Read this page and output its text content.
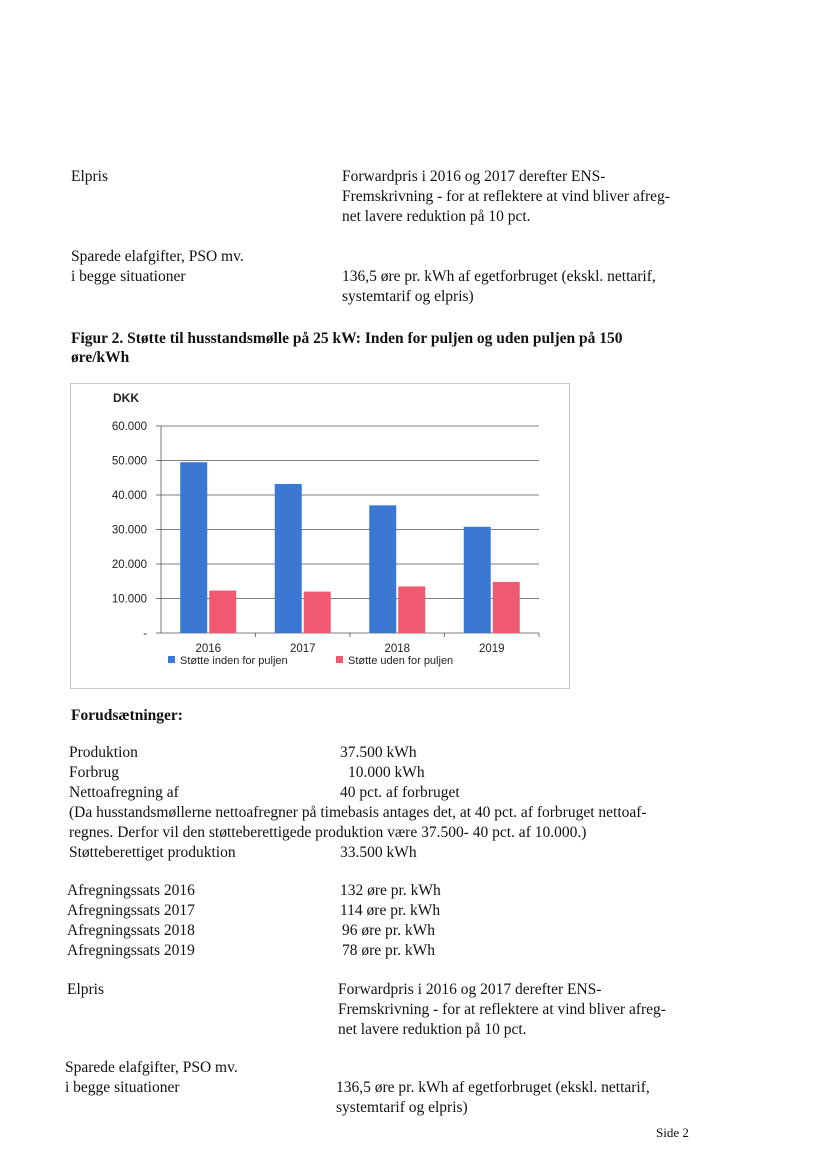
Elpris	Forwardpris i 2016 og 2017 derefter ENS-
Fremskrivning - for at reflektere at vind bliver afreg-
net lavere reduktion på 10 pct.
Sparede elafgifter, PSO mv.
i begge situationer	136,5 øre pr. kWh af egetforbruget (ekskl. nettarif,
systemtarif og elpris)
Figur 2. Støtte til husstandsmølle på 25 kW: Inden for puljen og uden puljen på 150
øre/kWh
DKK
-
10.000
20.000
30.000
40.000
50.000
60.000
2016	2017	2018	2019
Støtte inden for puljen	Støtte uden for puljen
Forudsætninger:
Produktion	37.500 kWh
Forbrug	10.000 kWh
Nettoafregning af	40 pct. af forbruget
(Da husstandsmøllerne nettoafregner på timebasis antages det, at 40 pct. af forbruget nettoaf-
regnes. Derfor vil den støtteberettigede produktion være 37.500- 40 pct. af 10.000.)
Støtteberettiget produktion	33.500 kWh
Afregningssats 2016	132 øre pr. kWh
Afregningssats 2017	114 øre pr. kWh
Afregningssats 2018	96 øre pr. kWh
Afregningssats 2019	78 øre pr. kWh
Elpris	Forwardpris i 2016 og 2017 derefter ENS-
Fremskrivning - for at reflektere at vind bliver afreg-
net lavere reduktion på 10 pct.
Sparede elafgifter, PSO mv.
i begge situationer	136,5 øre pr. kWh af egetforbruget (ekskl. nettarif,
systemtarif og elpris)
Side 2
